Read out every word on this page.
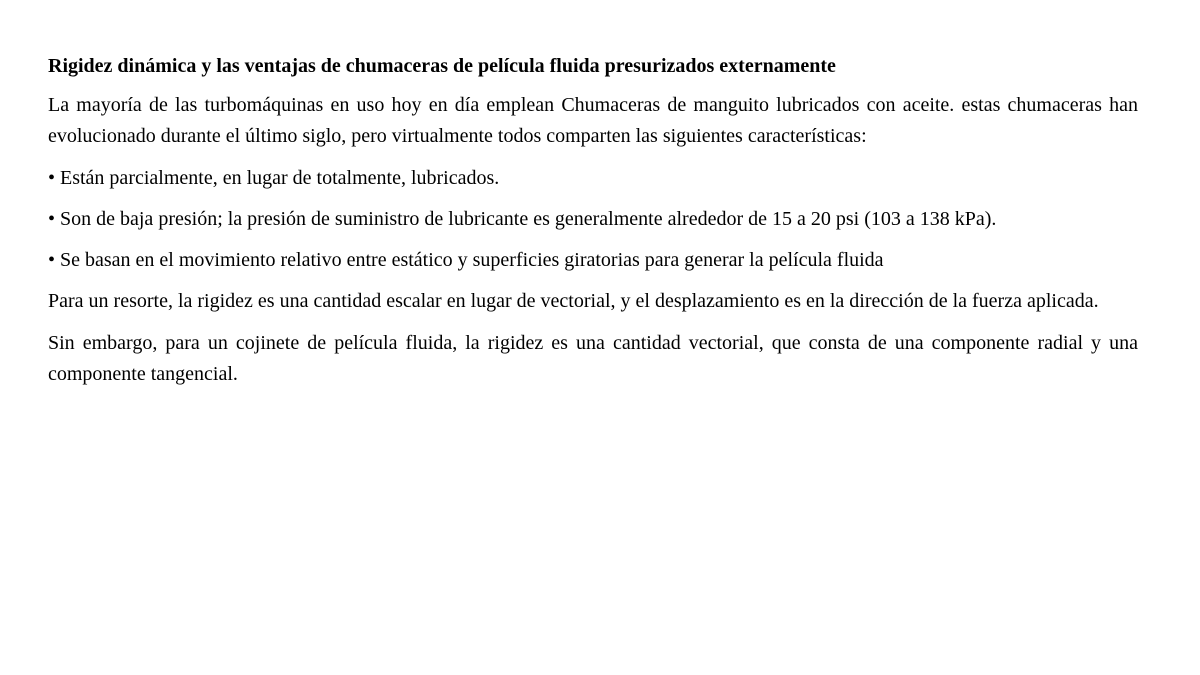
Rigidez dinámica y las ventajas de chumaceras de película fluida presurizados externamente

La mayoría de las turbomáquinas en uso hoy en día emplean Chumaceras de manguito lubricados con aceite. estas chumaceras han evolucionado durante el último siglo, pero virtualmente todos comparten las siguientes características:

• Están parcialmente, en lugar de totalmente, lubricados.

• Son de baja presión; la presión de suministro de lubricante es generalmente alrededor de 15 a 20 psi (103 a 138 kPa).

• Se basan en el movimiento relativo entre estático y superficies giratorias para generar la película fluida

Para un resorte, la rigidez es una cantidad escalar en lugar de vectorial, y el desplazamiento es en la dirección de la fuerza aplicada.

Sin embargo, para un cojinete de película fluida, la rigidez es una cantidad vectorial, que consta de una componente radial y una componente tangencial.
